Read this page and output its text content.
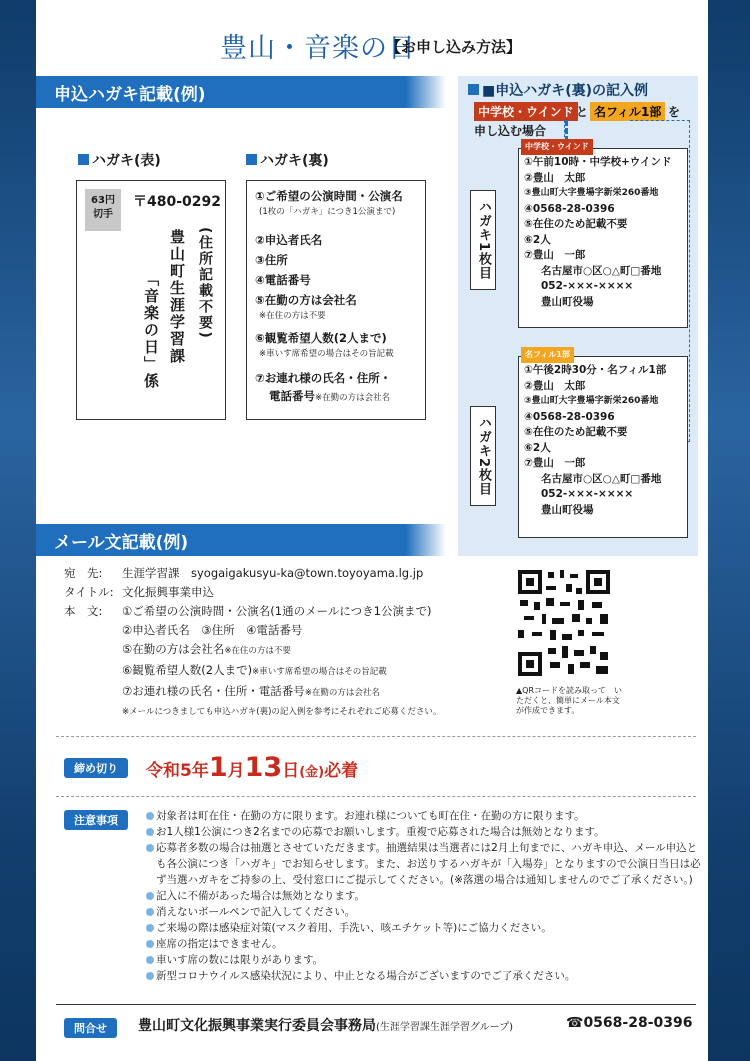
豊山・音楽の日
【お申し込み方法】
申込ハガキ記載(例)
ハガキ(表)
63円
切手
〒480-0292
豊山町生涯学習課
「音楽の日」係	(住所記載不要)
ハガキ(裏)
①ご希望の公演時間・公演名
(1枚の「ハガキ」につき1公演まで)
②申込者氏名
③住所
④電話番号
⑤在勤の方は会社名
※在住の方は不要
⑥観覧希望人数(2人まで)
※車いす席希望の場合はその旨記載
⑦お連れ様の氏名・住所・
電話番号※在勤の方は会社名
■申込ハガキ(裏)の記入例
中学校・ウインド と 名フィル1部 を
申し込む場合
ハガキ1枚目
中学校・ウインド
①午前10時・中学校+ウインド
②豊山　太郎
③豊山町大字豊場字新栄260番地
④0568-28-0396
⑤在住のため記載不要
⑥2人
⑦豊山　一郎
名古屋市○区○△町□番地
052-×××-××××
豊山町役場
ハガキ2枚目
名フィル1部
①午後2時30分・名フィル1部
②豊山　太郎
③豊山町大字豊場字新栄260番地
④0568-28-0396
⑤在住のため記載不要
⑥2人
⑦豊山　一郎
名古屋市○区○△町□番地
052-×××-××××
豊山町役場
メール文記載(例)
宛　先: 生涯学習課　syogaigakusyu-ka@town.toyoyama.lg.jp
タイトル: 文化振興事業申込
本　文: ①ご希望の公演時間・公演名(1通のメールにつき1公演まで)
②申込者氏名　③住所　④電話番号
⑤在勤の方は会社名※在住の方は不要
⑥観覧希望人数(2人まで)※車いす席希望の場合はその旨記載
⑦お連れ様の氏名・住所・電話番号※在勤の方は会社名
※メールにつきましても申込ハガキ(裏)の記入例を参考にそれぞれご応募ください。
▲QRコードを読み取って　いただくと、簡単にメール本文が作成できます。
締め切り	令和5年1月13日(金)必着
注意事項	対象者は町在住・在勤の方に限ります。お連れ様についても町在住・在勤の方に限ります。
お1人様1公演につき2名までの応募でお願いします。重複で応募された場合は無効となります。
応募者多数の場合は抽選とさせていただきます。抽選結果は当選者には2月上旬までに、ハガキ申込、メール申込とも各公演につき「ハガキ」でお知らせします。また、お送りするハガキが「入場券」となりますので公演日当日は必ず当選ハガキをご持参の上、受付窓口にご提示してください。(※落選の場合は通知しませんのでご了承ください。)
記入に不備があった場合は無効となります。
消えないボールペンで記入してください。
ご来場の際は感染症対策(マスク着用、手洗い、咳エチケット等)にご協力ください。
座席の指定はできません。
車いす席の数には限りがあります。
新型コロナウイルス感染状況により、中止となる場合がございますのでご了承ください。
問合せ	豊山町文化振興事業実行委員会事務局(生涯学習課生涯学習グループ)	☎0568-28-0396
